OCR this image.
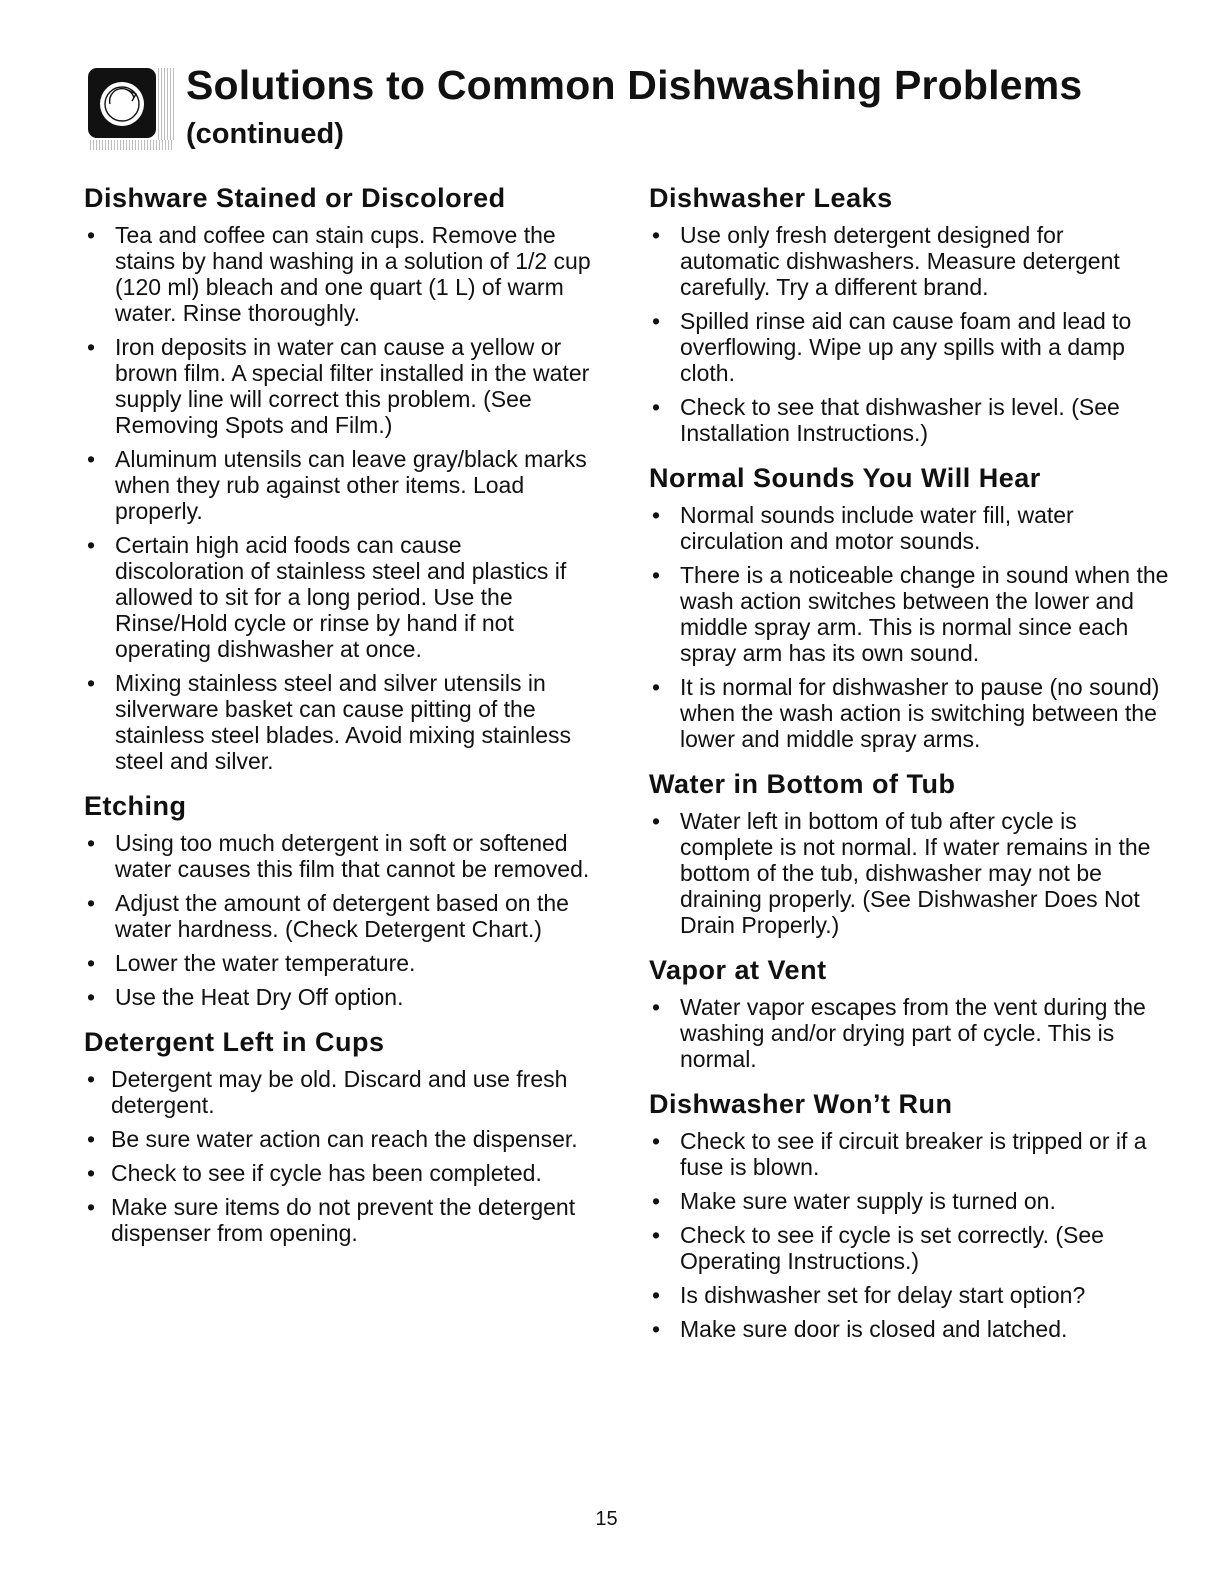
Solutions to Common Dishwashing Problems
(continued)
Dishware Stained or Discolored
• Tea and coffee can stain cups. Remove the stains by hand washing in a solution of 1/2 cup (120 ml) bleach and one quart (1 L) of warm water. Rinse thoroughly.
• Iron deposits in water can cause a yellow or brown film. A special filter installed in the water supply line will correct this problem. (See Removing Spots and Film.)
• Aluminum utensils can leave gray/black marks when they rub against other items. Load properly.
• Certain high acid foods can cause discoloration of stainless steel and plastics if allowed to sit for a long period. Use the Rinse/Hold cycle or rinse by hand if not operating dishwasher at once.
• Mixing stainless steel and silver utensils in silverware basket can cause pitting of the stainless steel blades. Avoid mixing stainless steel and silver.
Etching
• Using too much detergent in soft or softened water causes this film that cannot be removed.
• Adjust the amount of detergent based on the water hardness. (Check Detergent Chart.)
• Lower the water temperature.
• Use the Heat Dry Off option.
Detergent Left in Cups
• Detergent may be old. Discard and use fresh detergent.
• Be sure water action can reach the dispenser.
• Check to see if cycle has been completed.
• Make sure items do not prevent the detergent dispenser from opening.
Dishwasher Leaks
• Use only fresh detergent designed for automatic dishwashers. Measure detergent carefully. Try a different brand.
• Spilled rinse aid can cause foam and lead to overflowing. Wipe up any spills with a damp cloth.
• Check to see that dishwasher is level. (See Installation Instructions.)
Normal Sounds You Will Hear
• Normal sounds include water fill, water circulation and motor sounds.
• There is a noticeable change in sound when the wash action switches between the lower and middle spray arm. This is normal since each spray arm has its own sound.
• It is normal for dishwasher to pause (no sound) when the wash action is switching between the lower and middle spray arms.
Water in Bottom of Tub
• Water left in bottom of tub after cycle is complete is not normal. If water remains in the bottom of the tub, dishwasher may not be draining properly. (See Dishwasher Does Not Drain Properly.)
Vapor at Vent
• Water vapor escapes from the vent during the washing and/or drying part of cycle. This is normal.
Dishwasher Won’t Run
• Check to see if circuit breaker is tripped or if a fuse is blown.
• Make sure water supply is turned on.
• Check to see if cycle is set correctly. (See Operating Instructions.)
• Is dishwasher set for delay start option?
• Make sure door is closed and latched.
15
